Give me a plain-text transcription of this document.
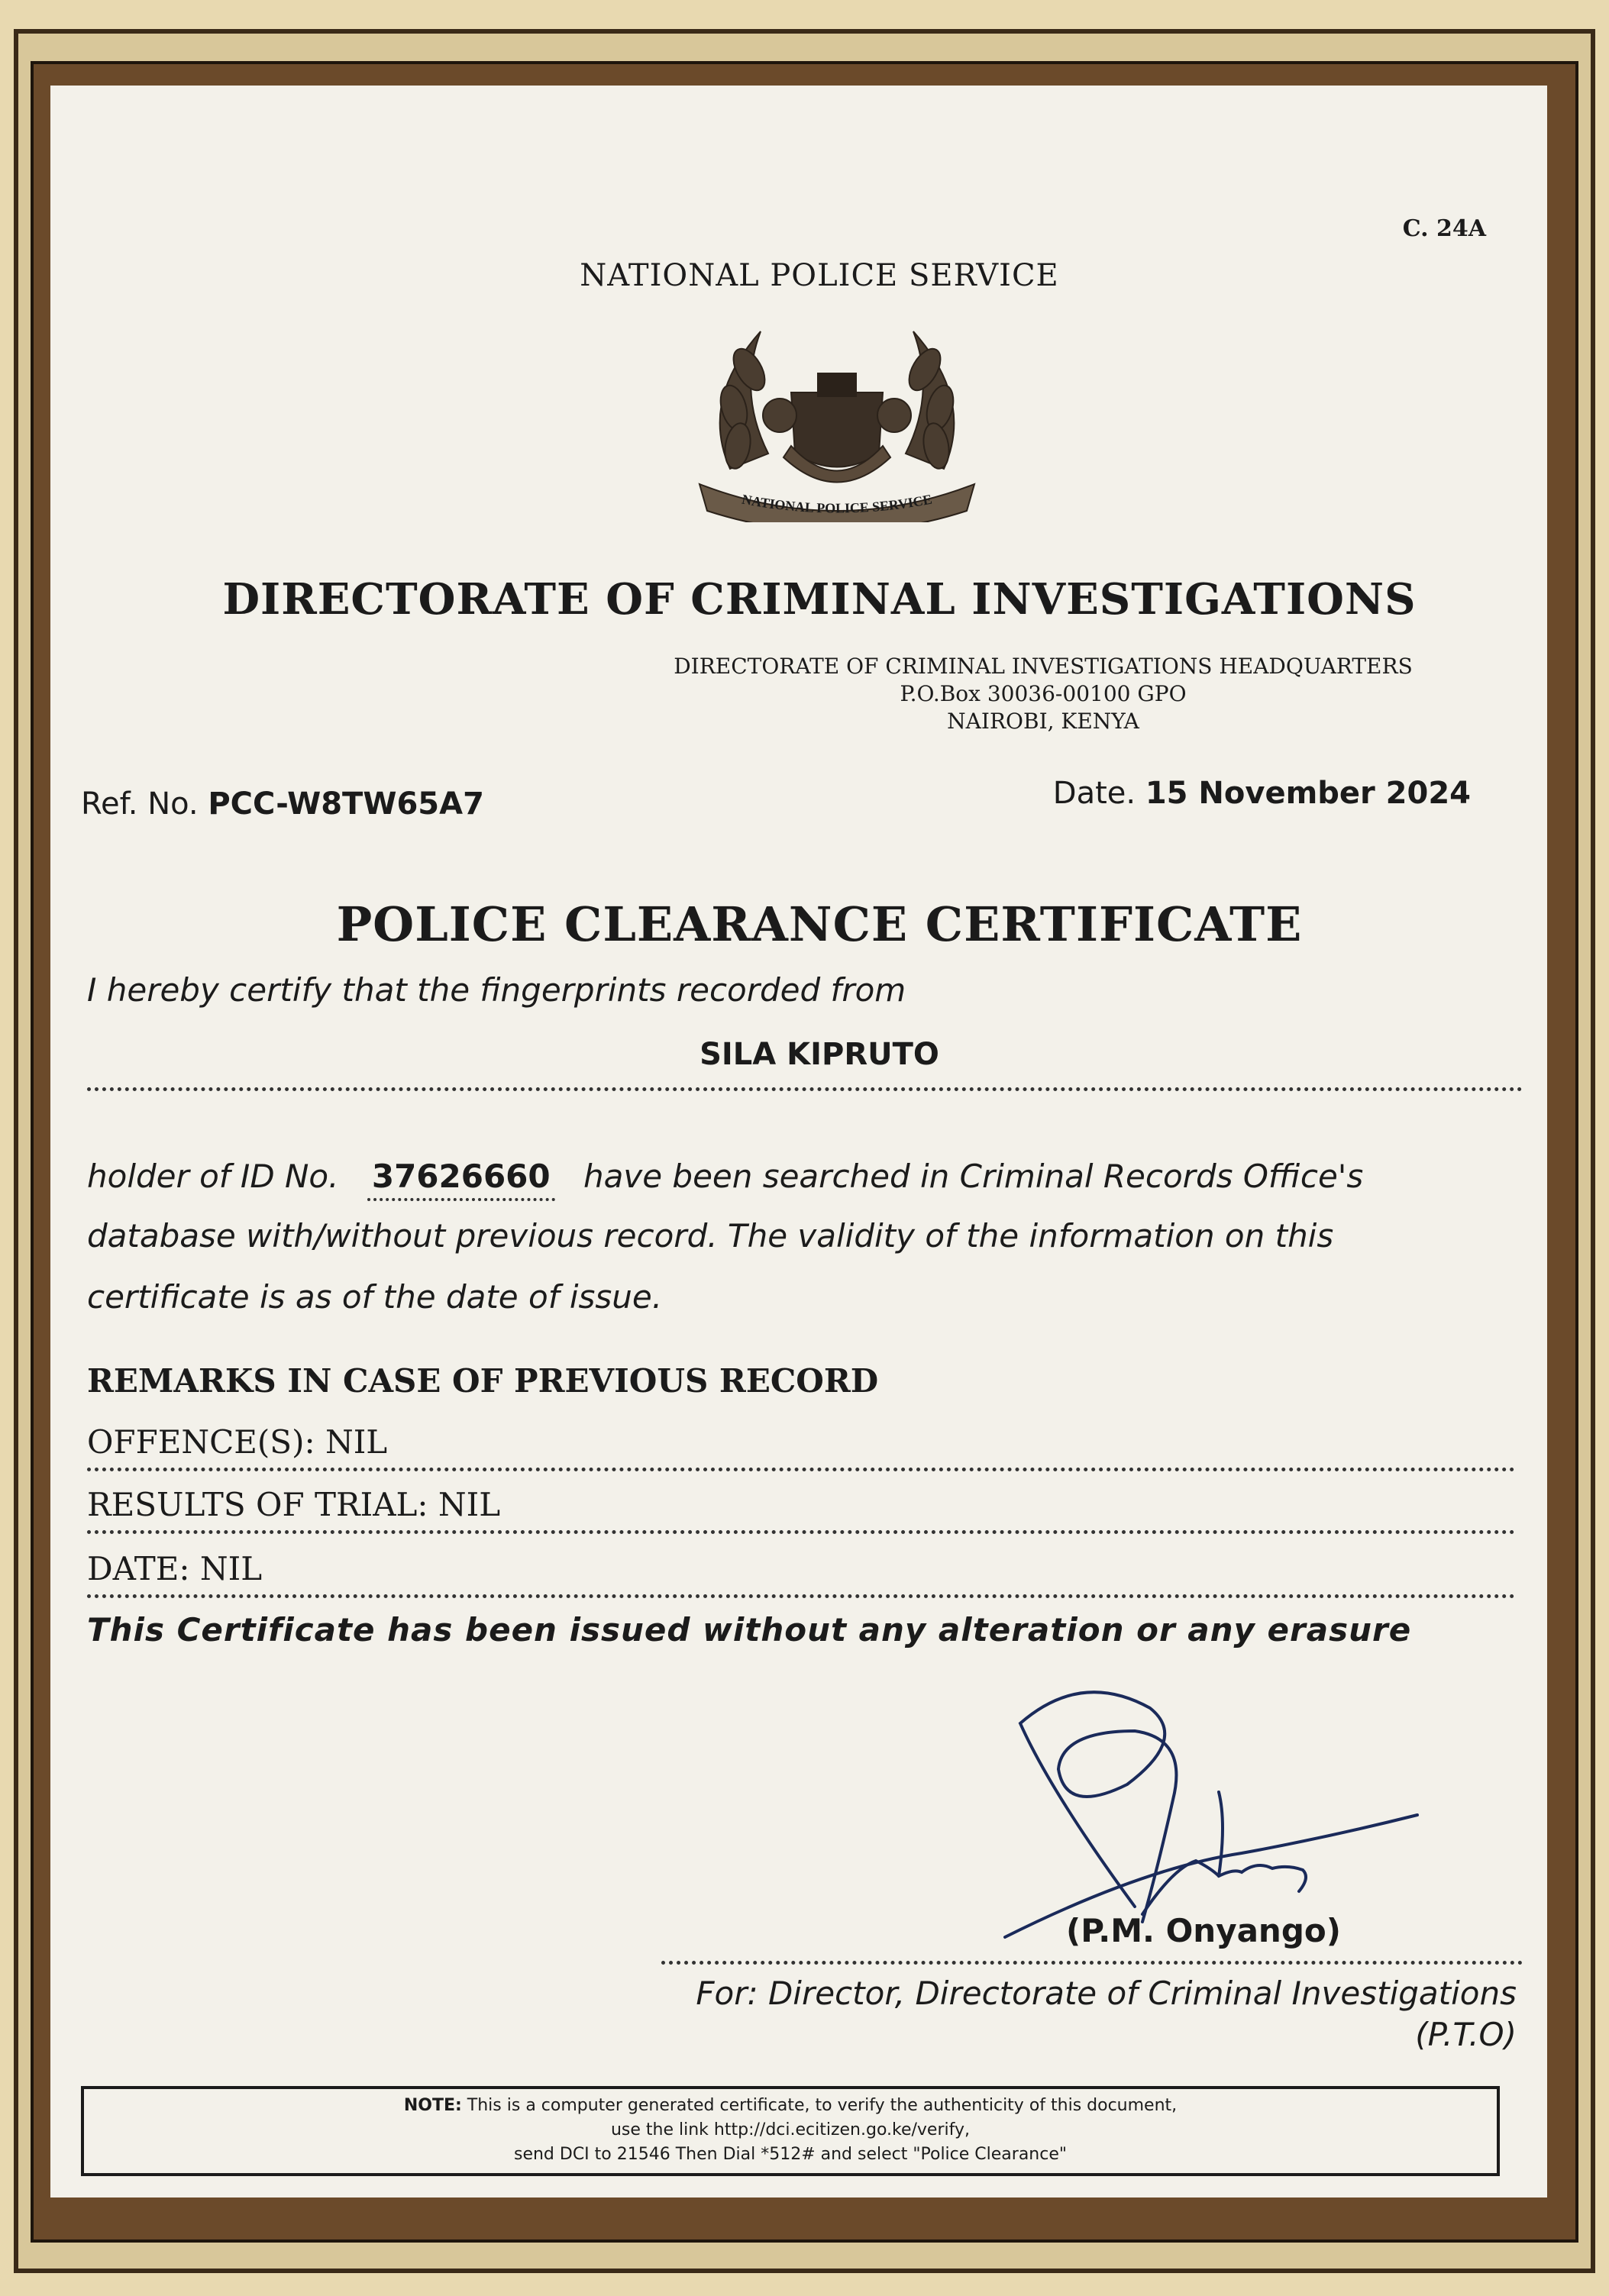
C. 24A
NATIONAL POLICE SERVICE
NATIONAL POLICE SERVICE
DIRECTORATE OF CRIMINAL INVESTIGATIONS
DIRECTORATE OF CRIMINAL INVESTIGATIONS HEADQUARTERS
P.O.Box 30036-00100 GPO
NAIROBI, KENYA
Ref. No. PCC-W8TW65A7	Date. 15 November 2024
POLICE CLEARANCE CERTIFICATE
I hereby certify that the fingerprints recorded from
SILA KIPRUTO
holder of ID No. 37626660 have been searched in Criminal Records Office's
database with/without previous record. The validity of the information on this
certificate is as of the date of issue.
REMARKS IN CASE OF PREVIOUS RECORD
OFFENCE(S): NIL
RESULTS OF TRIAL: NIL
DATE: NIL
This Certificate has been issued without any alteration or any erasure
(P.M. Onyango)
For: Director, Directorate of Criminal Investigations
(P.T.O)
NOTE: This is a computer generated certificate, to verify the authenticity of this document,
use the link http://dci.ecitizen.go.ke/verify,
send DCI to 21546 Then Dial *512# and select "Police Clearance"
